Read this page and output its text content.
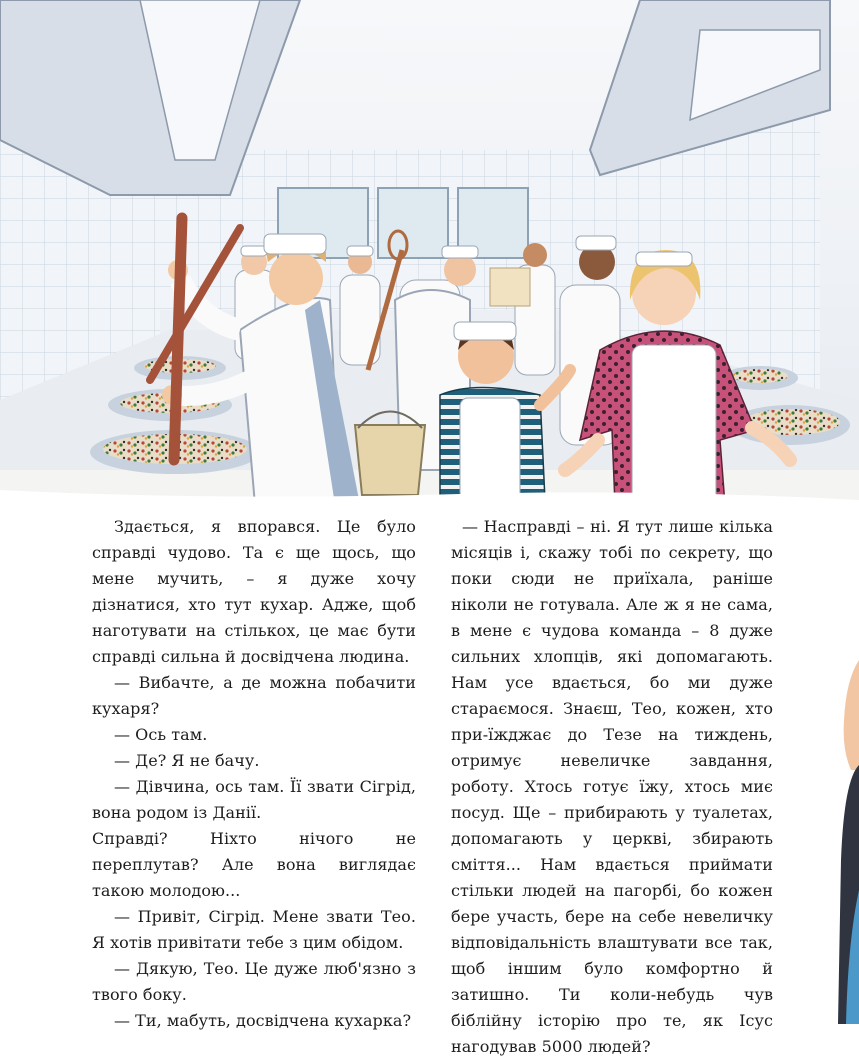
Здається, я впорався. Це було справді чудово. Та є ще щось, що мене мучить, – я дуже хочу дізнатися, хто тут кухар. Адже, щоб наготувати на стількох, це має бути справді сильна й досвідчена людина.

— Вибачте, а де можна побачити кухаря?

— Ось там.

— Де? Я не бачу.

— Дівчина, ось там. Її звати Сігрід, вона родом із Данії.

Справді? Ніхто нічого не переплутав? Але вона виглядає такою молодою...

— Привіт, Сігрід. Мене звати Тео. Я хотів привітати тебе з цим обідом.

— Дякую, Тео. Це дуже люб'язно з твого боку.

— Ти, мабуть, досвідчена кухарка?

— Насправді – ні. Я тут лише кілька місяців і, скажу тобі по секрету, що поки сюди не приїхала, раніше ніколи не готувала. Але ж я не сама, в мене є чудова команда – 8 дуже сильних хлопців, які допомагають. Нам усе вдається, бо ми дуже стараємося. Знаєш, Тео, кожен, хто при-їжджає до Тезе на тиждень, отримує невеличке завдання, роботу. Хтось готує їжу, хтось миє посуд. Ще – прибирають у туалетах, допомагають у церкві, збирають сміття... Нам вдається приймати стільки людей на пагорбі, бо кожен бере участь, бере на себе невеличку відповідальність влаштувати все так, щоб іншим було комфортно й затишно. Ти коли-небудь чув біблійну історію про те, як Ісус нагодував 5000 людей?
